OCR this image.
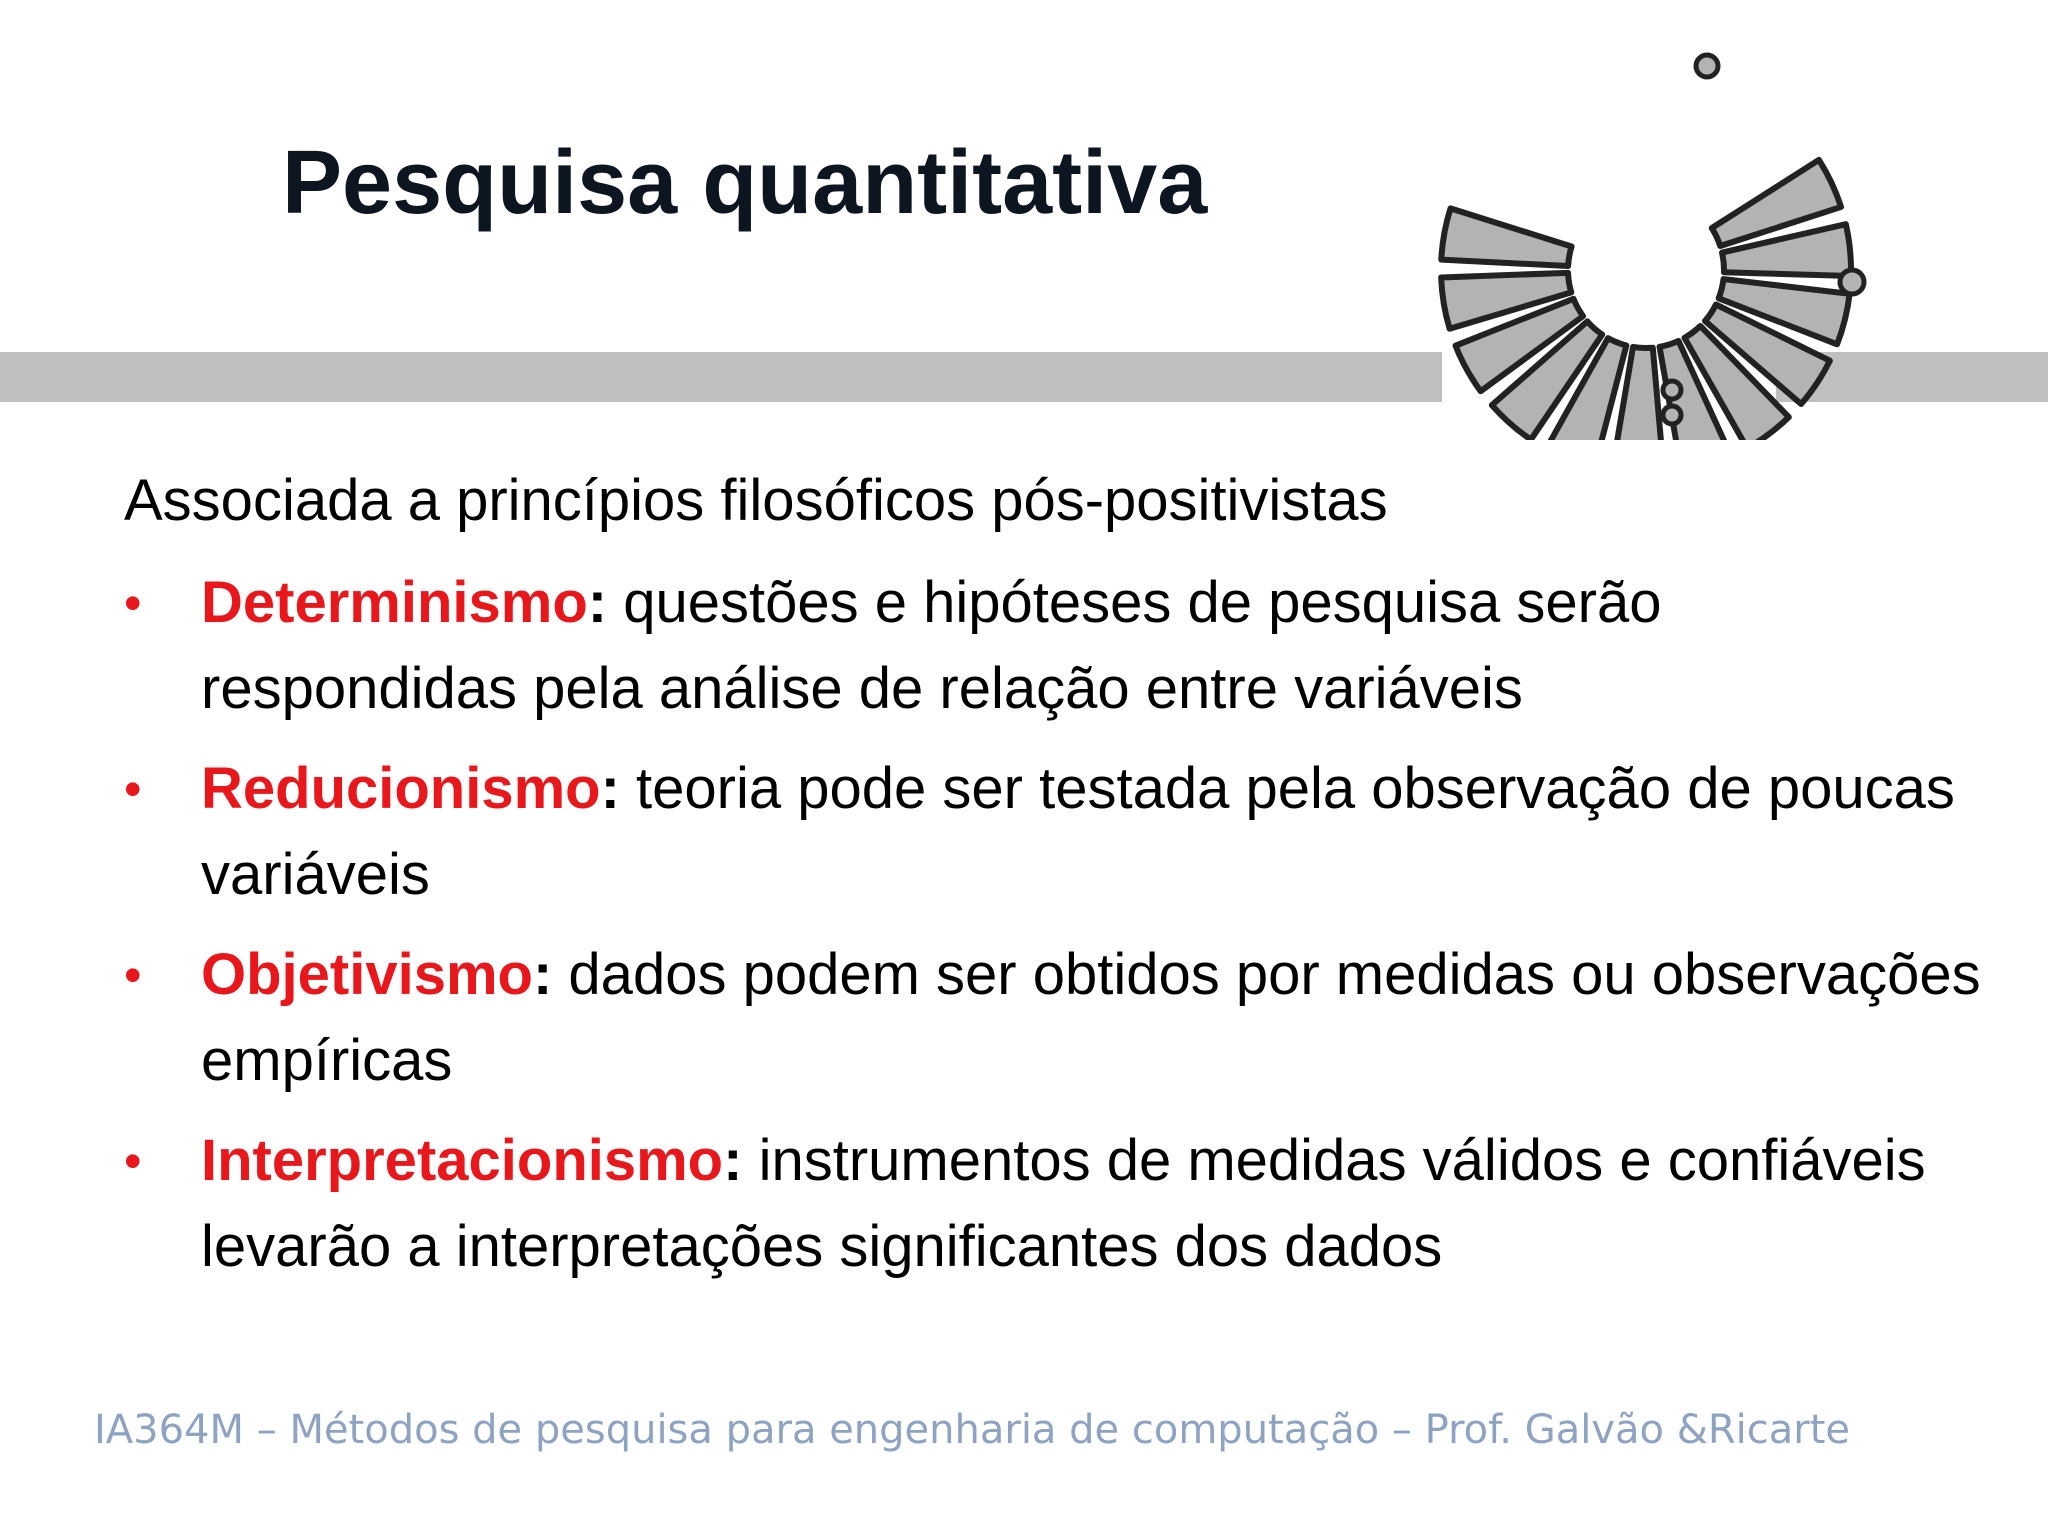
Pesquisa quantitativa

Associada a princípios filosóficos pós-positivistas

• Determinismo: questões e hipóteses de pesquisa serão respondidas pela análise de relação entre variáveis
• Reducionismo: teoria pode ser testada pela observação de poucas variáveis
• Objetivismo: dados podem ser obtidos por medidas ou observações empíricas
• Interpretacionismo: instrumentos de medidas válidos e confiáveis levarão a interpretações significantes dos dados

IA364M – Métodos de pesquisa para engenharia de computação – Prof. Galvão &Ricarte
